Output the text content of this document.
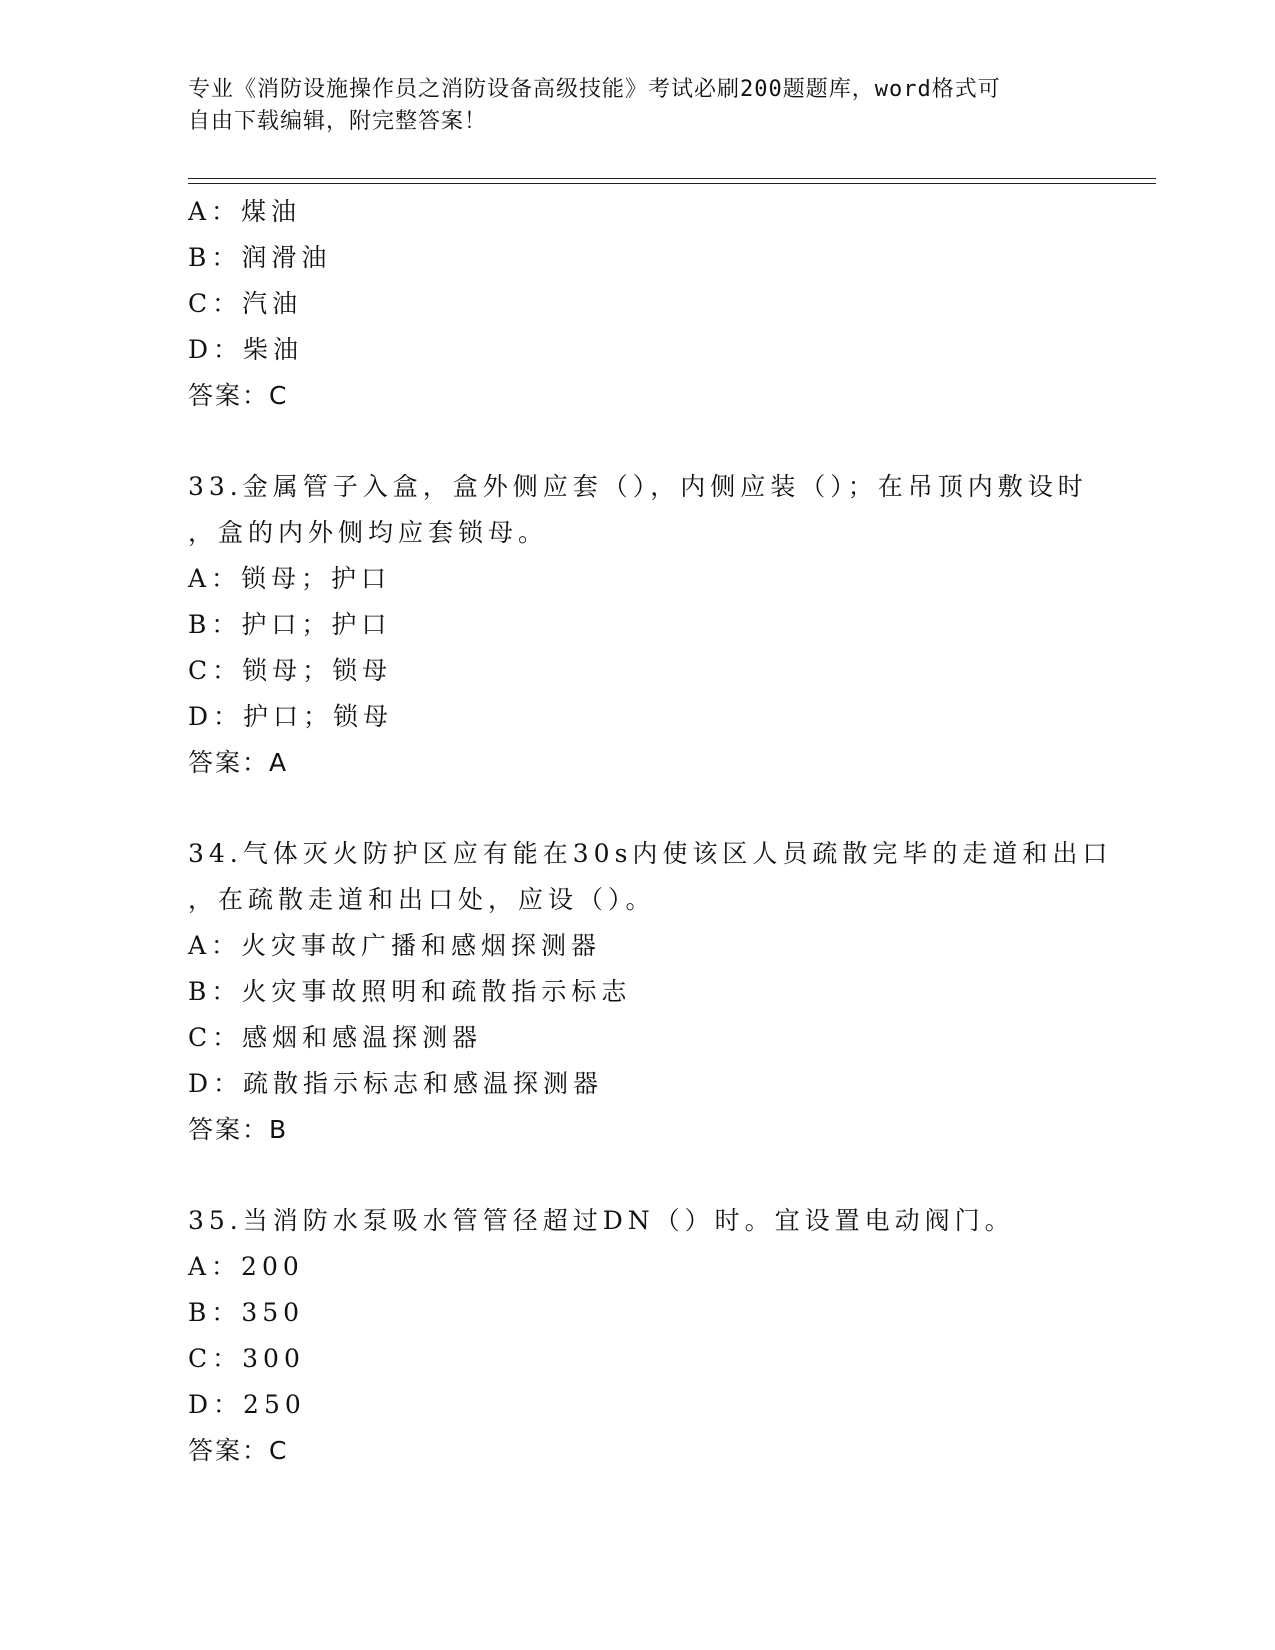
专业《消防设施操作员之消防设备高级技能》考试必刷200题题库，word格式可
自由下载编辑，附完整答案！
A：煤油
B：润滑油
C：汽油
D：柴油
答案：C
33.金属管子入盒，盒外侧应套（），内侧应装（）；在吊顶内敷设时
，盒的内外侧均应套锁母。
A：锁母；护口
B：护口；护口
C：锁母；锁母
D：护口；锁母
答案：A
34.气体灭火防护区应有能在30s内使该区人员疏散完毕的走道和出口
，在疏散走道和出口处，应设（）。
A：火灾事故广播和感烟探测器
B：火灾事故照明和疏散指示标志
C：感烟和感温探测器
D：疏散指示标志和感温探测器
答案：B
35.当消防水泵吸水管管径超过DN（）时。宜设置电动阀门。
A：200
B：350
C：300
D：250
答案：C
